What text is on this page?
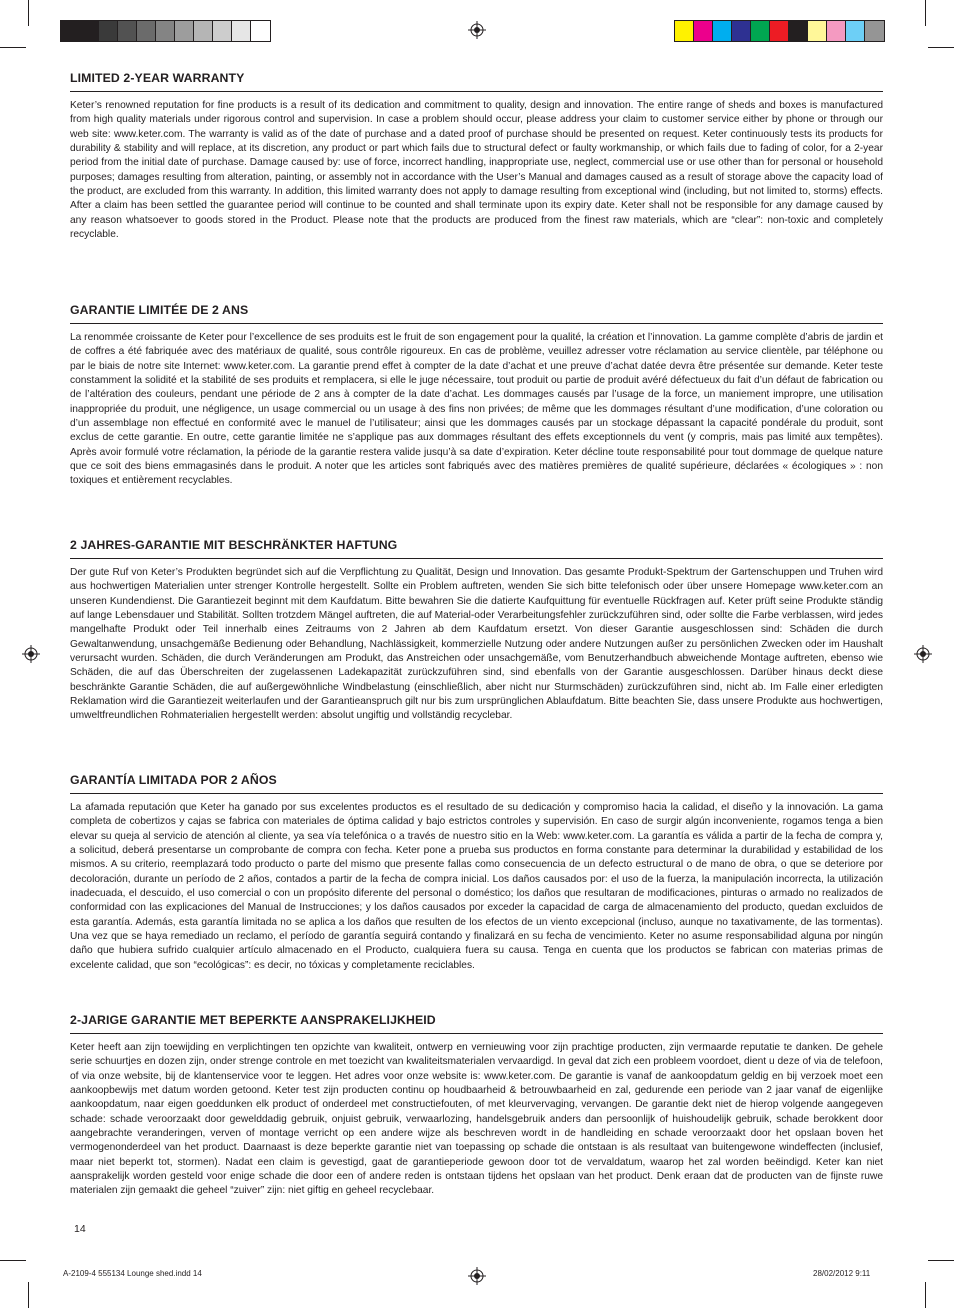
LIMITED 2-YEAR WARRANTY

Keter’s renowned reputation for fine products is a result of its dedication and commitment to quality, design and innovation. The entire range of sheds and boxes is manufactured from high quality materials under rigorous control and supervision. In case a problem should occur, please address your claim to customer service either by phone or through our web site: www.keter.com. The warranty is valid as of the date of purchase and a dated proof of purchase should be presented on request. Keter continuously tests its products for durability & stability and will replace, at its discretion, any product or part which fails due to structural defect or faulty workmanship, or which fails due to fading of color, for a 2-year period from the initial date of purchase. Damage caused by: use of force, incorrect handling, inappropriate use, neglect, commercial use or use other than for personal or household purposes; damages resulting from alteration, painting, or assembly not in accordance with the User’s Manual and damages caused as a result of storage above the capacity load of the product, are excluded from this warranty. In addition, this limited warranty does not apply to damage resulting from exceptional wind (including, but not limited to, storms) effects. After a claim has been settled the guarantee period will continue to be counted and shall terminate upon its expiry date. Keter shall not be responsible for any damage caused by any reason whatsoever to goods stored in the Product. Please note that the products are produced from the finest raw materials, which are “clear”: non-toxic and completely recyclable.

GARANTIE LIMITÉE DE 2 ANS

La renommée croissante de Keter pour l’excellence de ses produits est le fruit de son engagement pour la qualité, la création et l’innovation. La gamme complète d’abris de jardin et de coffres a été fabriquée avec des matériaux de qualité, sous contrôle rigoureux. En cas de problème, veuillez adresser votre réclamation au service clientèle, par téléphone ou par le biais de notre site Internet: www.keter.com. La garantie prend effet à compter de la date d’achat et une preuve d’achat datée devra être présentée sur demande. Keter teste constamment la solidité et la stabilité de ses produits et remplacera, si elle le juge nécessaire, tout produit ou partie de produit avéré défectueux du fait d’un défaut de fabrication ou de l’altération des couleurs, pendant une période de 2 ans à compter de la date d’achat. Les dommages causés par l’usage de la force, un maniement impropre, une utilisation inappropriée du produit, une négligence, un usage commercial ou un usage à des fins non privées; de même que les dommages résultant d’une modification, d’une coloration ou d’un assemblage non effectué en conformité avec le manuel de l’utilisateur; ainsi que les dommages causés par un stockage dépassant la capacité pondérale du produit, sont exclus de cette garantie. En outre, cette garantie limitée ne s’applique pas aux dommages résultant des effets exceptionnels du vent (y compris, mais pas limité aux tempêtes). Après avoir formulé votre réclamation, la période de la garantie restera valide jusqu’à sa date d’expiration. Keter décline toute responsabilité pour tout dommage de quelque nature que ce soit des biens emmagasinés dans le produit. A noter que les articles sont fabriqués avec des matières premières de qualité supérieure, déclarées « écologiques » : non toxiques et entièrement recyclables.

2 JAHRES-GARANTIE MIT BESCHRÄNKTER HAFTUNG

Der gute Ruf von Keter’s Produkten begründet sich auf die Verpflichtung zu Qualität, Design und Innovation. Das gesamte Produkt-Spektrum der Gartenschuppen und Truhen wird aus hochwertigen Materialien unter strenger Kontrolle hergestellt. Sollte ein Problem auftreten, wenden Sie sich bitte telefonisch oder über unsere Homepage www.keter.com an unseren Kundendienst. Die Garantiezeit beginnt mit dem Kaufdatum. Bitte bewahren Sie die datierte Kaufquittung für eventuelle Rückfragen auf. Keter prüft seine Produkte ständig auf lange Lebensdauer und Stabilität. Sollten trotzdem Mängel auftreten, die auf Material-oder Verarbeitungsfehler zurückzuführen sind, oder sollte die Farbe verblassen, wird jedes mangelhafte Produkt oder Teil innerhalb eines Zeitraums von 2 Jahren ab dem Kaufdatum ersetzt. Von dieser Garantie ausgeschlossen sind: Schäden die durch Gewaltanwendung, unsachgemäße Bedienung oder Behandlung, Nachlässigkeit, kommerzielle Nutzung oder andere Nutzungen außer zu persönlichen Zwecken oder im Haushalt verursacht wurden. Schäden, die durch Veränderungen am Produkt, das Anstreichen oder unsachgemäße, vom Benutzerhandbuch abweichende Montage auftreten, ebenso wie Schäden, die auf das Überschreiten der zugelassenen Ladekapazität zurückzuführen sind, sind ebenfalls von der Garantie ausgeschlossen. Darüber hinaus deckt diese beschränkte Garantie Schäden, die auf außergewöhnliche Windbelastung (einschließlich, aber nicht nur Sturmschäden) zurückzuführen sind, nicht ab. Im Falle einer erledigten Reklamation wird die Garantiezeit weiterlaufen und der Garantieanspruch gilt nur bis zum ursprünglichen Ablaufdatum. Bitte beachten Sie, dass unsere Produkte aus hochwertigen, umweltfreundlichen Rohmaterialien hergestellt werden: absolut ungiftig und vollständig recyclebar.

GARANTÍA LIMITADA POR 2 AÑOS

La afamada reputación que Keter ha ganado por sus excelentes productos es el resultado de su dedicación y compromiso hacia la calidad, el diseño y la innovación. La gama completa de cobertizos y cajas se fabrica con materiales de óptima calidad y bajo estrictos controles y supervisión. En caso de surgir algún inconveniente, rogamos tenga a bien elevar su queja al servicio de atención al cliente, ya sea vía telefónica o a través de nuestro sitio en la Web: www.keter.com. La garantía es válida a partir de la fecha de compra y, a solicitud, deberá presentarse un comprobante de compra con fecha. Keter pone a prueba sus productos en forma constante para determinar la durabilidad y estabilidad de los mismos. A su criterio, reemplazará todo producto o parte del mismo que presente fallas como consecuencia de un defecto estructural o de mano de obra, o que se deteriore por decoloración, durante un período de 2 años, contados a partir de la fecha de compra inicial. Los daños causados por: el uso de la fuerza, la manipulación incorrecta, la utilización inadecuada, el descuido, el uso comercial o con un propósito diferente del personal o doméstico; los daños que resultaran de modificaciones, pinturas o armado no realizados de conformidad con las explicaciones del Manual de Instrucciones; y los daños causados por exceder la capacidad de carga de almacenamiento del producto, quedan excluidos de esta garantía. Además, esta garantía limitada no se aplica a los daños que resulten de los efectos de un viento excepcional (incluso, aunque no taxativamente, de las tormentas). Una vez que se haya remediado un reclamo, el período de garantía seguirá contando y finalizará en su fecha de vencimiento. Keter no asume responsabilidad alguna por ningún daño que hubiera sufrido cualquier artículo almacenado en el Producto, cualquiera fuera su causa. Tenga en cuenta que los productos se fabrican con materias primas de excelente calidad, que son “ecológicas”: es decir, no tóxicas y completamente reciclables.

2-JARIGE GARANTIE MET BEPERKTE AANSPRAKELIJKHEID

Keter heeft aan zijn toewijding en verplichtingen ten opzichte van kwaliteit, ontwerp en vernieuwing voor zijn prachtige producten, zijn vermaarde reputatie te danken. De gehele serie schuurtjes en dozen zijn, onder strenge controle en met toezicht van kwaliteitsmaterialen vervaardigd. In geval dat zich een probleem voordoet, dient u deze of via de telefoon, of via onze website, bij de klantenservice voor te leggen. Het adres voor onze website is: www.keter.com. De garantie is vanaf de aankoopdatum geldig en bij verzoek moet een aankoopbewijs met datum worden getoond. Keter test zijn producten continu op houdbaarheid & betrouwbaarheid en zal, gedurende een periode van 2 jaar vanaf de eigenlijke aankoopdatum, naar eigen goeddunken elk product of onderdeel met constructiefouten, of met kleurvervaging, vervangen. De garantie dekt niet de hierop volgende aangegeven schade: schade veroorzaakt door gewelddadig gebruik, onjuist gebruik, verwaarlozing, handelsgebruik anders dan persoonlijk of huishoudelijk gebruik, schade berokkent door aangebrachte veranderingen, verven of montage verricht op een andere wijze als beschreven wordt in de handleiding en schade veroorzaakt door het opslaan boven het vermogenonderdeel van het product. Daarnaast is deze beperkte garantie niet van toepassing op schade die ontstaan is als resultaat van buitengewone windeffecten (inclusief, maar niet beperkt tot, stormen). Nadat een claim is gevestigd, gaat de garantieperiode gewoon door tot de vervaldatum, waarop het zal worden beëindigd. Keter kan niet aansprakelijk worden gesteld voor enige schade die door een of andere reden is ontstaan tijdens het opslaan van het product. Denk eraan dat de producten van de fijnste ruwe materialen zijn gemaakt die geheel “zuiver” zijn: niet giftig en geheel recyclebaar.

14
A-2109-4 555134 Lounge shed.indd 14	28/02/2012 9:11
